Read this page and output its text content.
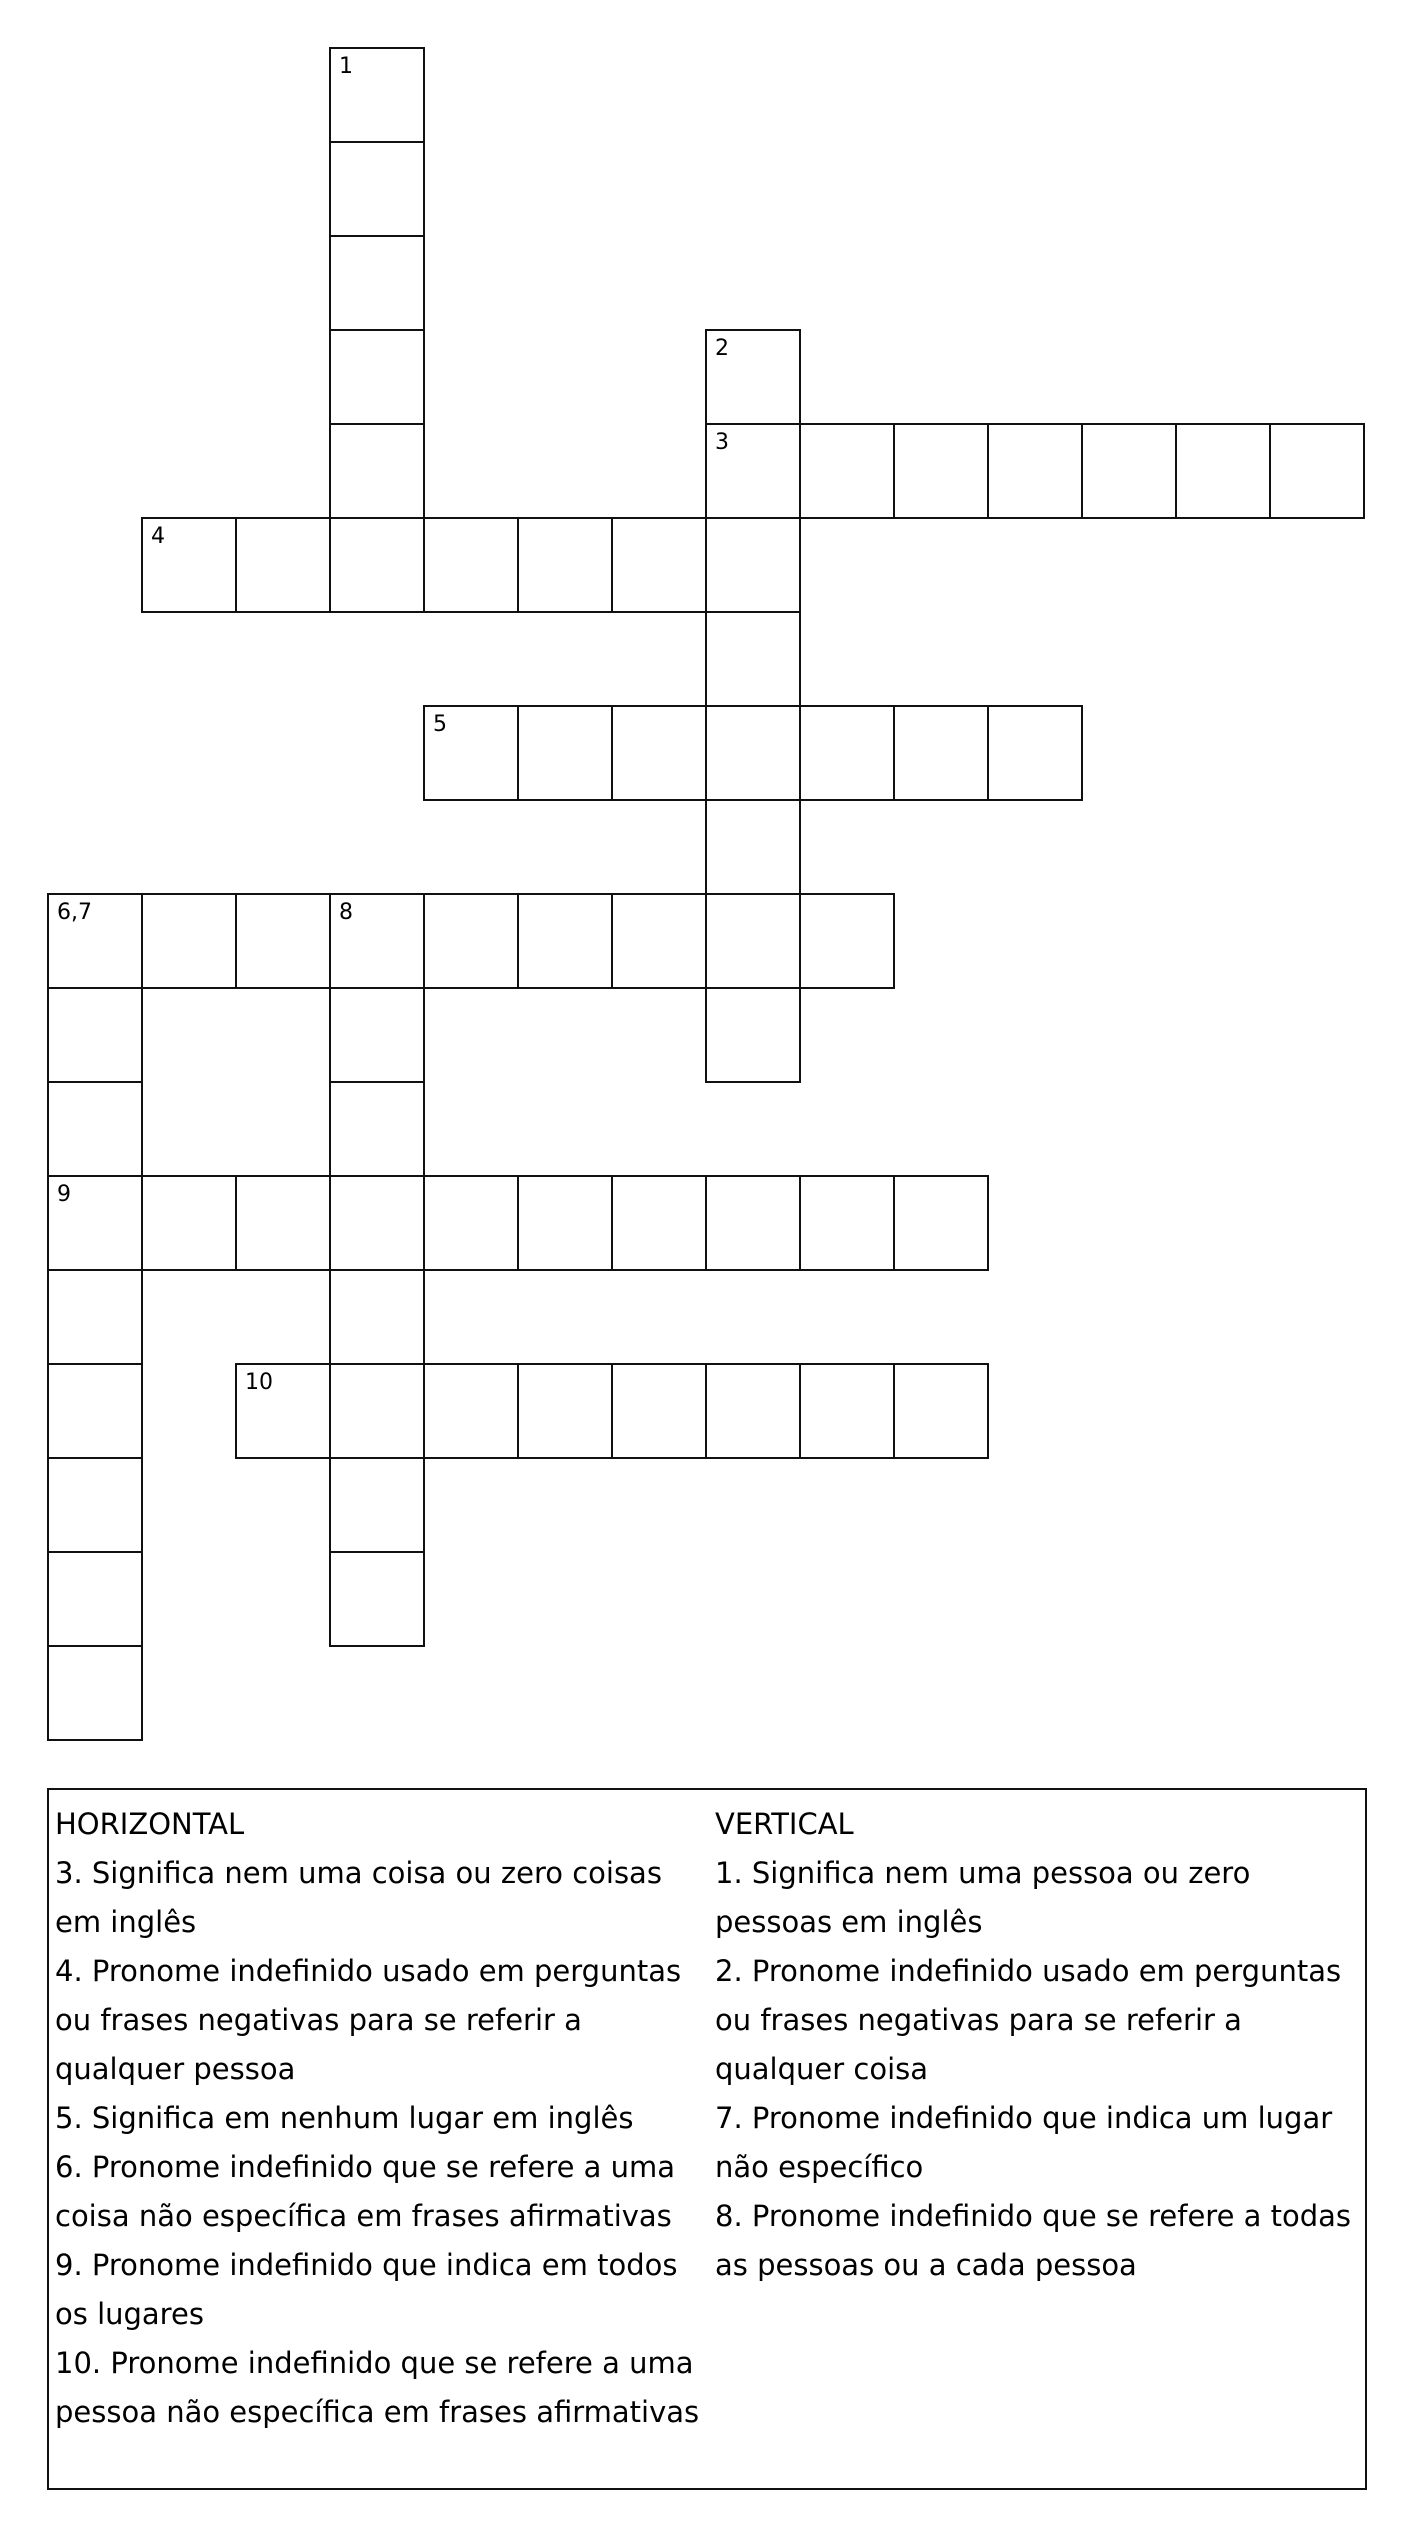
1
2
3
4
5
6,7	8
9
10
HORIZONTAL
3. Significa nem uma coisa ou zero coisas em inglês
4. Pronome indefinido usado em perguntas ou frases negativas para se referir a qualquer pessoa
5. Significa em nenhum lugar em inglês
6. Pronome indefinido que se refere a uma coisa não específica em frases afirmativas
9. Pronome indefinido que indica em todos os lugares
10. Pronome indefinido que se refere a uma pessoa não específica em frases afirmativas
VERTICAL
1. Significa nem uma pessoa ou zero pessoas em inglês
2. Pronome indefinido usado em perguntas ou frases negativas para se referir a qualquer coisa
7. Pronome indefinido que indica um lugar não específico
8. Pronome indefinido que se refere a todas as pessoas ou a cada pessoa
